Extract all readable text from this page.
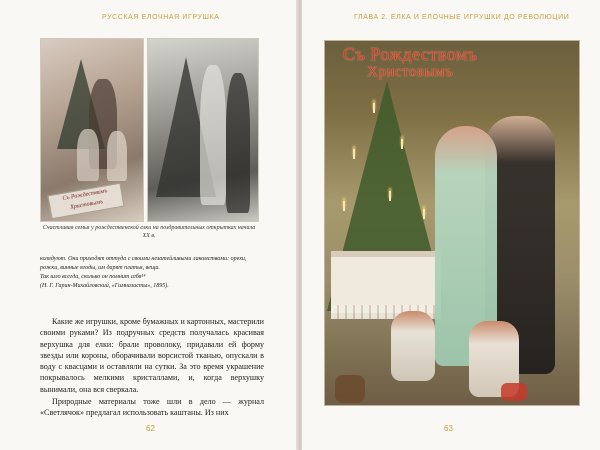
РУССКАЯ ЕЛОЧНАЯ ИГРУШКА
Съ Рождествомъ Христовымъ
Счастливая семья у рождественской елки на поздравительных открытках начала XX в.
колядуют. Они приходят оттуда с своими незатейливыми лакомствами: орехи, рожки, винные ягоды, им дарят платья, вещи.
Так шло всегда, сколько он помнит себя¹⁴
(Н. Г. Гарин-Михайловский, «Гимназисты», 1895).

Какие же игрушки, кроме бумажных и картонных, мастерили своими руками? Из подручных средств получалась красивая верхушка для елки: брали проволоку, придавали ей форму звезды или короны, оборачивали ворсистой тканью, опускали в воду с квасцами и оставляли на сутки. За это время украшение покрывалось мелкими кристаллами, и, когда верхушку вынимали, она вся сверкала.

Природные материалы тоже шли в дело — журнал «Светлячок» предлагал использовать каштаны. Из них

62
ГЛАВА 2. ЕЛКА И ЕЛОЧНЫЕ ИГРУШКИ ДО РЕВОЛЮЦИИ
Съ Рождествомъ
Христовымъ
63
